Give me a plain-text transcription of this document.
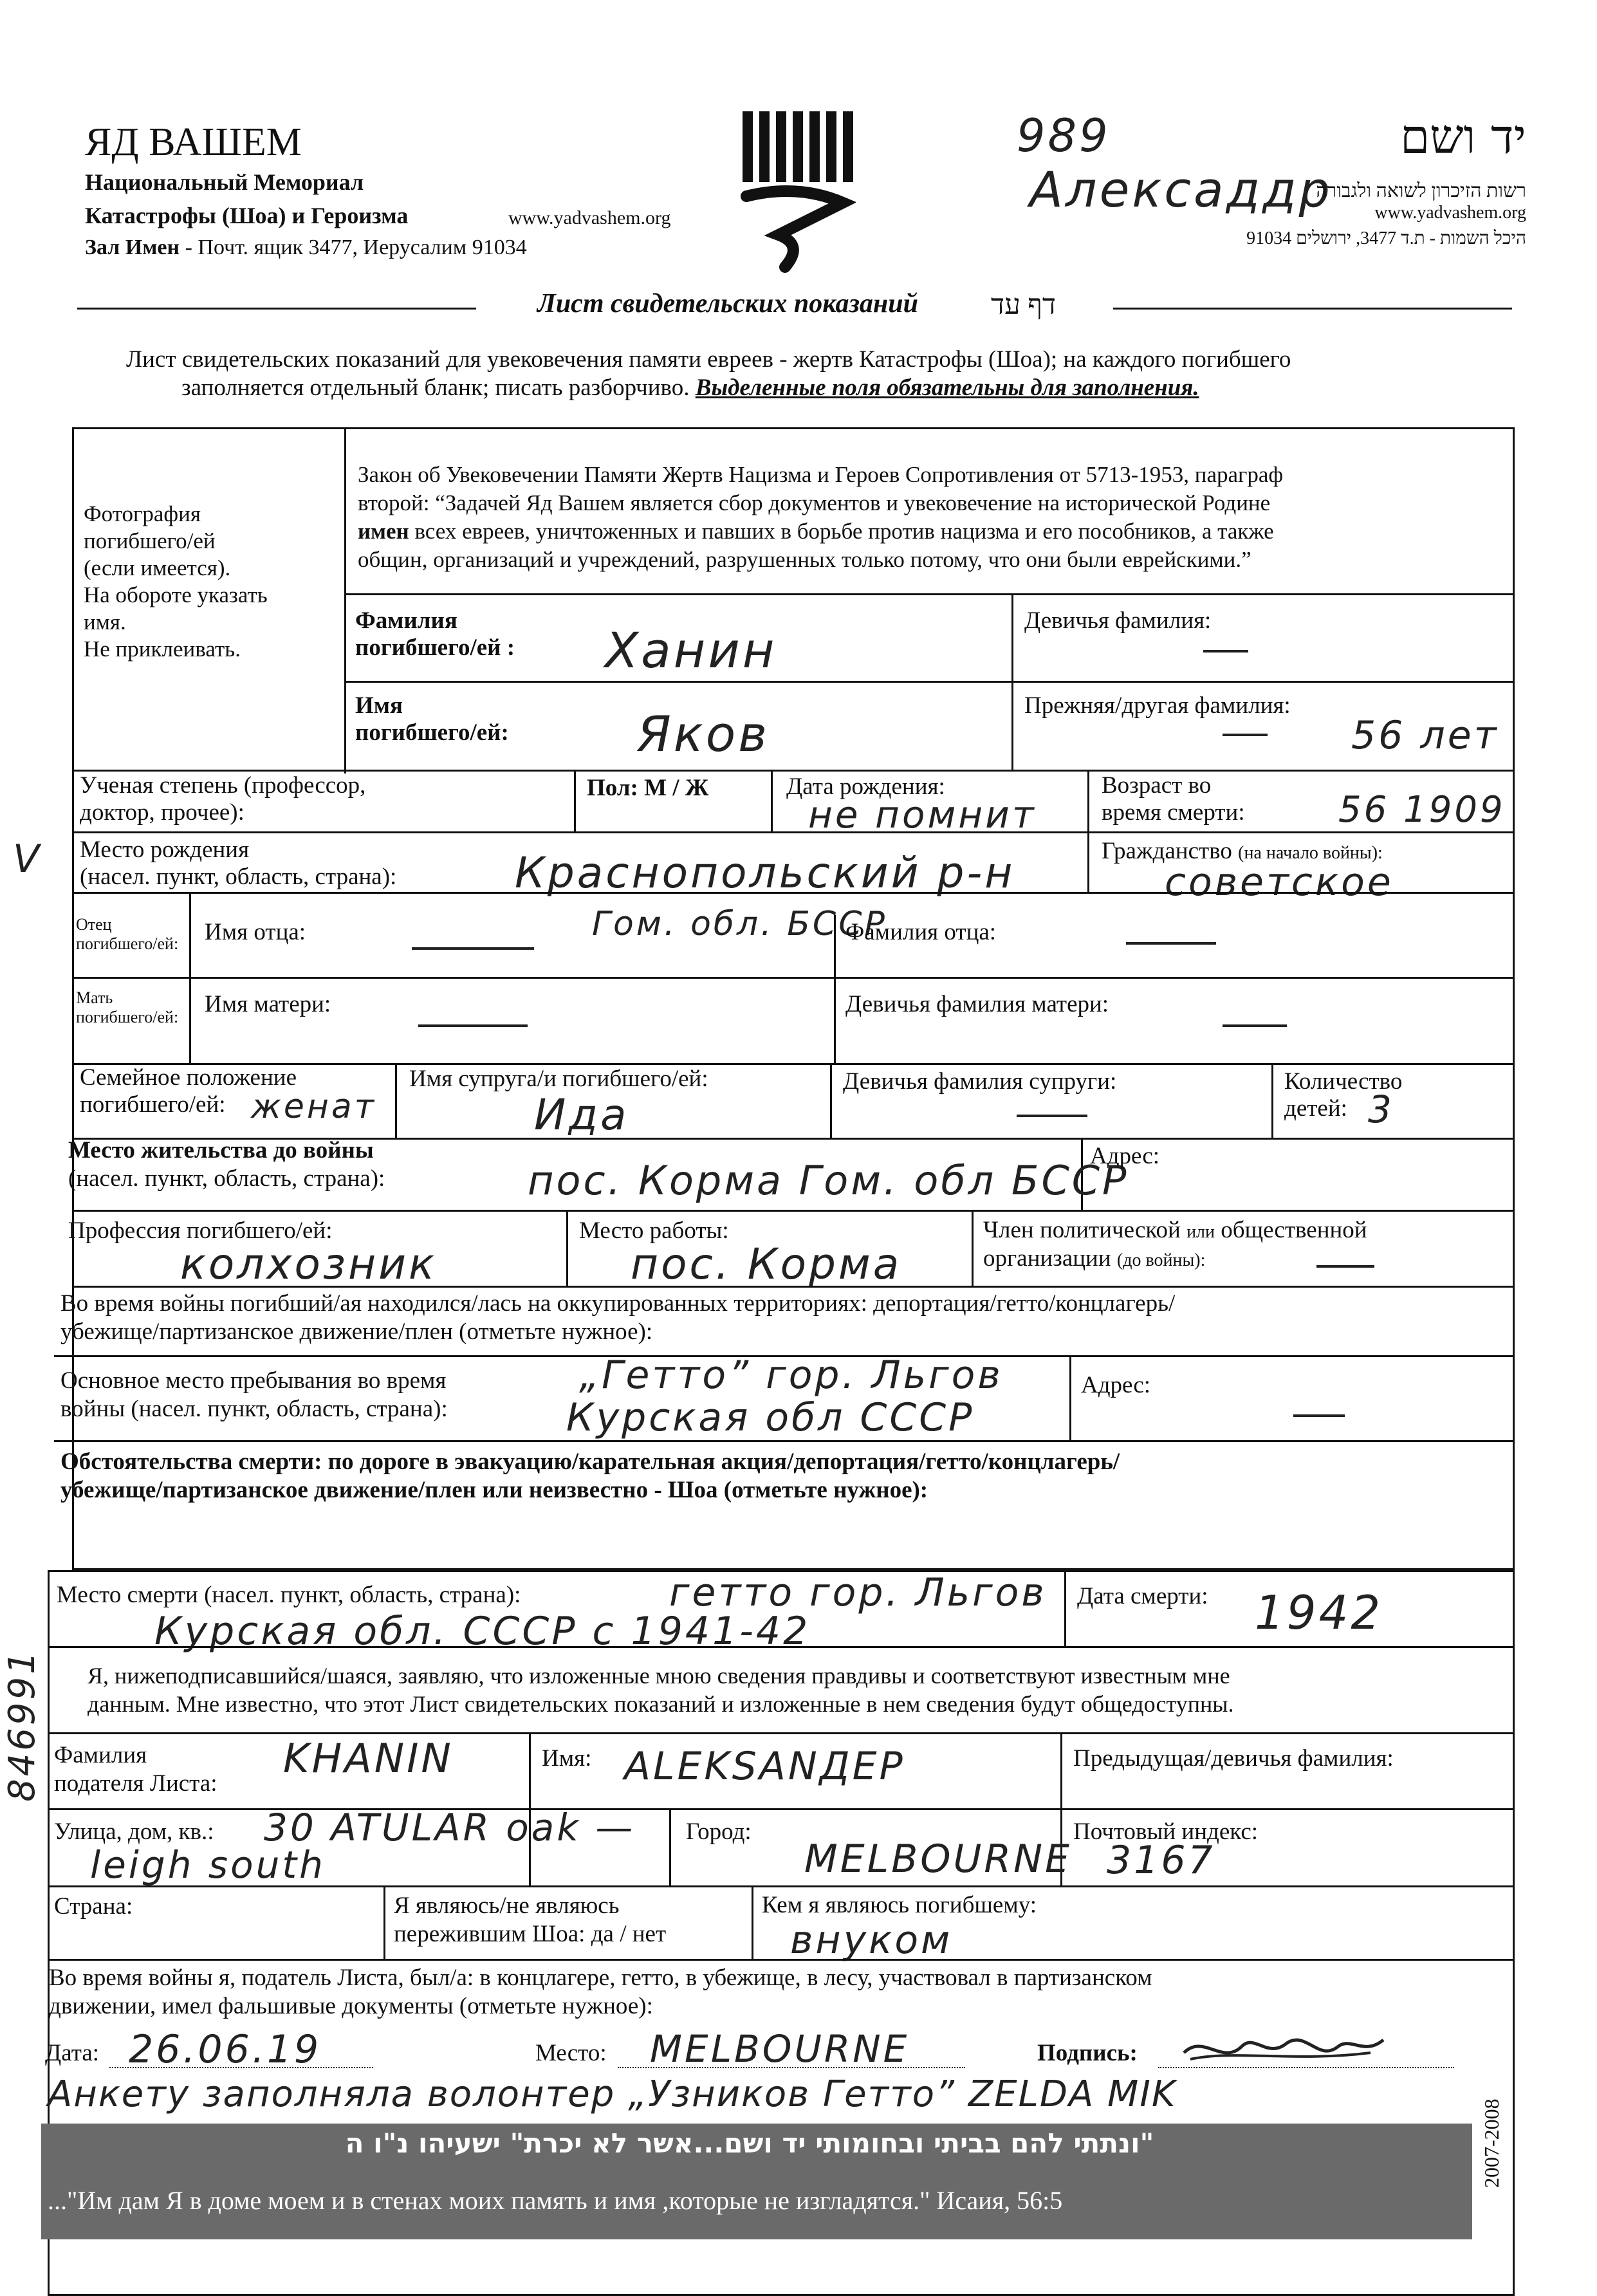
ЯД ВАШЕМ
Национальный Мемориал
Катастрофы (Шоа) и Героизма	www.yadvashem.org
Зал Имен - Почт. ящик 3477, Иерусалим 91034
989
Алексаддр
יד ושם
רשות הזיכרון לשואה ולגבורה
www.yadvashem.org
היכל השמות - ת.ד 3477, ירושלים 91034
Лист свидетельских показаний	דף עד
Лист свидетельских показаний для увековечения памяти евреев - жертв Катастрофы (Шоа); на каждого погибшего
заполняется отдельный бланк; писать разборчиво. Выделенные поля обязательны для заполнения.
Фотография
погибшего/ей
(если имеется).
На обороте указать
имя.
Не приклеивать.
Закон об Увековечении Памяти Жертв Нацизма и Героев Сопротивления от 5713-1953, параграф
второй: “Задачей Яд Вашем является сбор документов и увековечение на исторической Родине
имен всех евреев, уничтоженных и павших в борьбе против нацизма и его пособников, а также
общин, организаций и учреждений, разрушенных только потому, что они были еврейскими.”
Фамилия
погибшего/ей : Ханин
Девичья фамилия:
Имя
погибшего/ей:	Яков	Прежняя/другая фамилия:
56 лет
Ученая степень (профессор,
доктор, прочее):
Пол: М / Ж	Дата рождения:
не помнит
Возраст во
время смерти:	56 1909
Место рождения
(насел. пункт, область, страна):	Краснопольский р-н
Гом. обл. БССР
Гражданство (на начало войны):
советское
Отец погибшего/ей: Имя отца:	Фамилия отца:
Мать погибшего/ей: Имя матери:	Девичья фамилия матери:
Семейное положение
погибшего/ей: женат
Имя супруга/и погибшего/ей:
Ида
Девичья фамилия супруги:	Количество
детей: 3
Место жительства до войны
(насел. пункт, область, страна):	пос. Корма Гом. обл БССР
Адрес:
Профессия погибшего/ей:
колхозник
Место работы:
пос. Корма
Член политической или общественной
организации (до войны):
Во время войны погибший/ая находился/лась на оккупированных территориях: депортация/гетто/концлагерь/
убежище/партизанское движение/плен (отметьте нужное):
Основное место пребывания во время
войны (насел. пункт, область, страна):
„Гетто” гор. Льгов
Курская обл СССР
Адрес:
Обстоятельства смерти: по дороге в эвакуацию/карательная акция/депортация/гетто/концлагерь/
убежище/партизанское движение/плен или неизвестно - Шоа (отметьте нужное):
Место смерти (насел. пункт, область, страна):	гетто гор. Льгов
Курская обл. СССР с 1941-42
Дата смерти: 1942
Я, нижеподписавшийся/шаяся, заявляю, что изложенные мною сведения правдивы и соответствуют известным мне
данным. Мне известно, что этот Лист свидетельских показаний и изложенные в нем сведения будут общедоступны.
Фамилия
подателя Листа:
KHANIN	Имя: ALEKSANДЕР	Предыдущая/девичья фамилия:
Улица, дом, кв.: 30 ATULAR oak —
leigh south
Город:
MELBOURNE
Почтовый индекс:
3167
Страна:	Я являюсь/не являюсь
пережившим Шоа: да / нет
Кем я являюсь погибшему:
внуком
Во время войны я, податель Листа, был/а: в концлагере, гетто, в убежище, в лесу, участвовал в партизанском
движении, имел фальшивые документы (отметьте нужное):
Дата: 26.06.19	Место: MELBOURNE	Подпись:
Анкету заполняла волонтер „Узников Гетто” ZELDA MIK
"ונתתי להם בביתי ובחומותי יד ושם...אשר לא יכרת" ישעיהו נ"ו ה
..."Им дам Я в доме моем и в стенах моих память и имя ,которые не изгладятся." Исаия, 56:5
2007-2008
846991
V
